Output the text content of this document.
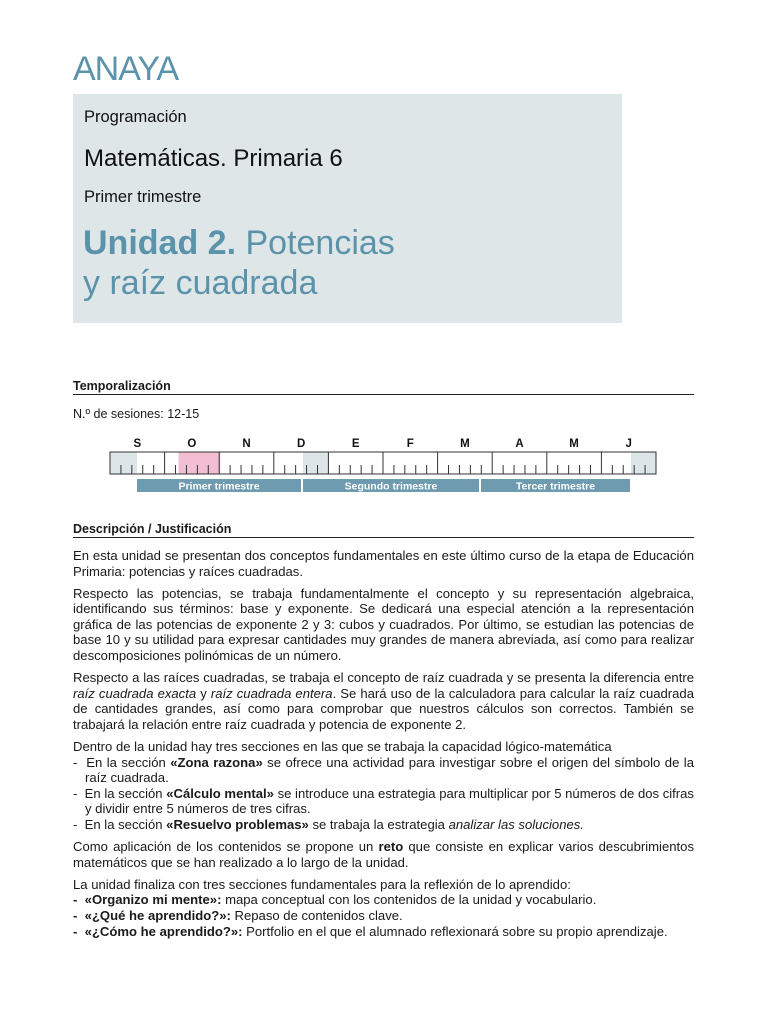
ANAYA
Programación
Matemáticas. Primaria 6
Primer trimestre
Unidad 2. Potencias
y raíz cuadrada
Temporalización
N.º de sesiones: 12-15
S	O	N	D	E	F	M	A	M	J
Primer trimestre	Segundo trimestre	Tercer trimestre
Descripción / Justificación

En esta unidad se presentan dos conceptos fundamentales en este último curso de la etapa de Educación Primaria: potencias y raíces cuadradas.

Respecto las potencias, se trabaja fundamentalmente el concepto y su representación algebraica, identificando sus términos: base y exponente. Se dedicará una especial atención a la representación gráfica de las potencias de exponente 2 y 3: cubos y cuadrados. Por último, se estudian las potencias de base 10 y su utilidad para expresar cantidades muy grandes de manera abreviada, así como para realizar descomposiciones polinómicas de un número.

Respecto a las raíces cuadradas, se trabaja el concepto de raíz cuadrada y se presenta la diferencia entre raíz cuadrada exacta y raíz cuadrada entera. Se hará uso de la calculadora para calcular la raíz cuadrada de cantidades grandes, así como para comprobar que nuestros cálculos son correctos. También se trabajará la relación entre raíz cuadrada y potencia de exponente 2.

Dentro de la unidad hay tres secciones en las que se trabaja la capacidad lógico-matemática

-  En la sección «Zona razona» se ofrece una actividad para investigar sobre el origen del símbolo de la raíz cuadrada.
-  En la sección «Cálculo mental» se introduce una estrategia para multiplicar por 5 números de dos cifras y dividir entre 5 números de tres cifras.
-  En la sección «Resuelvo problemas» se trabaja la estrategia analizar las soluciones.

Como aplicación de los contenidos se propone un reto que consiste en explicar varios descubrimientos matemáticos que se han realizado a lo largo de la unidad.

La unidad finaliza con tres secciones fundamentales para la reflexión de lo aprendido:

- «Organizo mi mente»: mapa conceptual con los contenidos de la unidad y vocabulario.
- «¿Qué he aprendido?»: Repaso de contenidos clave.
- «¿Cómo he aprendido?»: Portfolio en el que el alumnado reflexionará sobre su propio aprendizaje.
